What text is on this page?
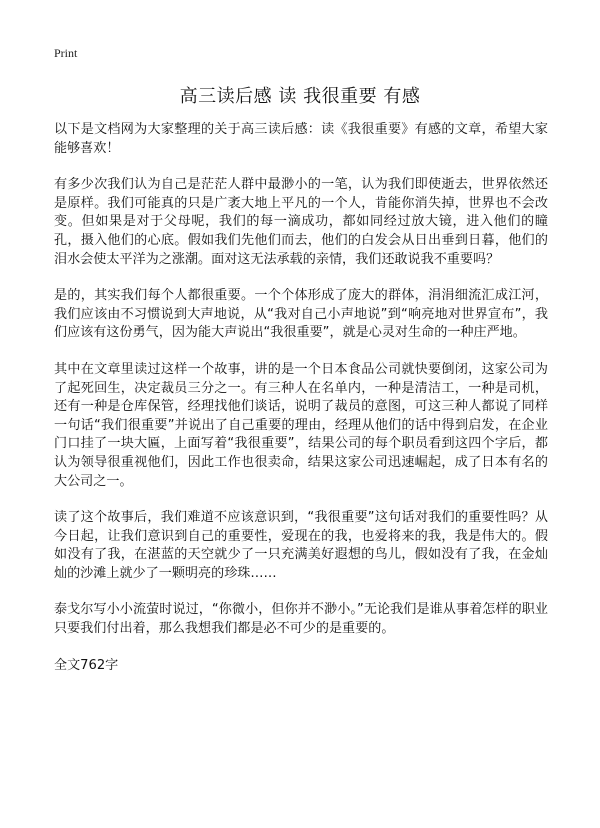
Print
高三读后感 读 我很重要 有感

以下是文档网为大家整理的关于高三读后感：读《我很重要》有感的文章，希望大家能够喜欢！

有多少次我们认为自己是茫茫人群中最渺小的一笔，认为我们即使逝去，世界依然还是原样。我们可能真的只是广袤大地上平凡的一个人，肯能你消失掉，世界也不会改变。但如果是对于父母呢，我们的每一滴成功，都如同经过放大镜，进入他们的瞳孔，摄入他们的心底。假如我们先他们而去，他们的白发会从日出垂到日暮，他们的泪水会使太平洋为之涨潮。面对这无法承载的亲情，我们还敢说我不重要吗？

是的，其实我们每个人都很重要。一个个体形成了庞大的群体，涓涓细流汇成江河，我们应该由不习惯说到大声地说，从“我对自己小声地说”到“响亮地对世界宣布”，我们应该有这份勇气，因为能大声说出“我很重要”，就是心灵对生命的一种庄严地。

其中在文章里读过这样一个故事，讲的是一个日本食品公司就快要倒闭，这家公司为了起死回生，决定裁员三分之一。有三种人在名单内，一种是清洁工，一种是司机，还有一种是仓库保管，经理找他们谈话，说明了裁员的意图，可这三种人都说了同样一句话“我们很重要”并说出了自己重要的理由，经理从他们的话中得到启发，在企业门口挂了一块大匾，上面写着“我很重要”，结果公司的每个职员看到这四个字后，都认为领导很重视他们，因此工作也很卖命，结果这家公司迅速崛起，成了日本有名的大公司之一。

读了这个故事后，我们难道不应该意识到，“我很重要”这句话对我们的重要性吗？从今日起，让我们意识到自己的重要性，爱现在的我，也爱将来的我，我是伟大的。假如没有了我，在湛蓝的天空就少了一只充满美好遐想的鸟儿，假如没有了我，在金灿灿的沙滩上就少了一颗明亮的珍珠……

泰戈尔写小小流萤时说过，“你微小，但你并不渺小。”无论我们是谁从事着怎样的职业只要我们付出着，那么我想我们都是必不可少的是重要的。

全文762字
